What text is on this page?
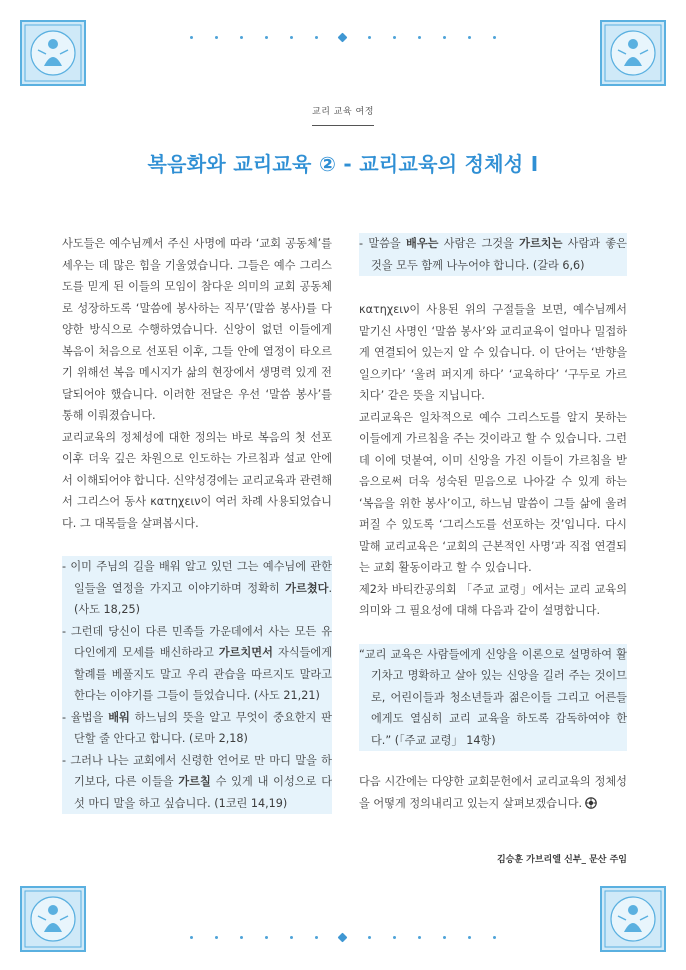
교리 교육 여정
복음화와 교리교육 ② - 교리교육의 정체성 Ⅰ

사도들은 예수님께서 주신 사명에 따라 ‘교회 공동체’를 세우는 데 많은 힘을 기울였습니다. 그들은 예수 그리스도를 믿게 된 이들의 모임이 참다운 의미의 교회 공동체로 성장하도록 ‘말씀에 봉사하는 직무’(말씀 봉사)를 다양한 방식으로 수행하였습니다. 신앙이 없던 이들에게 복음이 처음으로 선포된 이후, 그들 안에 열정이 타오르기 위해선 복음 메시지가 삶의 현장에서 생명력 있게 전달되어야 했습니다. 이러한 전달은 우선 ‘말씀 봉사’를 통해 이뤄졌습니다.

교리교육의 정체성에 대한 정의는 바로 복음의 첫 선포 이후 더욱 깊은 차원으로 인도하는 가르침과 설교 안에서 이해되어야 합니다. 신약성경에는 교리교육과 관련해서 그리스어 동사 κατηχειν이 여러 차례 사용되었습니다. 그 대목들을 살펴봅시다.

- 이미 주님의 길을 배워 알고 있던 그는 예수님에 관한 일들을 열정을 가지고 이야기하며 정확히 가르쳤다. (사도 18,25)
- 그런데 당신이 다른 민족들 가운데에서 사는 모든 유다인에게 모세를 배신하라고 가르치면서 자식들에게 할례를 베풀지도 말고 우리 관습을 따르지도 말라고 한다는 이야기를 그들이 들었습니다. (사도 21,21)
- 율법을 배워 하느님의 뜻을 알고 무엇이 중요한지 판단할 줄 안다고 합니다. (로마 2,18)
- 그러나 나는 교회에서 신령한 언어로 만 마디 말을 하기보다, 다른 이들을 가르칠 수 있게 내 이성으로 다섯 마디 말을 하고 싶습니다. (1코린 14,19)
- 말씀을 배우는 사람은 그것을 가르치는 사람과 좋은 것을 모두 함께 나누어야 합니다. (갈라 6,6)

κατηχειν이 사용된 위의 구절들을 보면, 예수님께서 맡기신 사명인 ‘말씀 봉사’와 교리교육이 얼마나 밀접하게 연결되어 있는지 알 수 있습니다. 이 단어는 ‘반향을 일으키다’ ‘울려 퍼지게 하다’ ‘교육하다’ ‘구두로 가르치다’ 같은 뜻을 지닙니다.

교리교육은 일차적으로 예수 그리스도를 알지 못하는 이들에게 가르침을 주는 것이라고 할 수 있습니다. 그런데 이에 덧붙여, 이미 신앙을 가진 이들이 가르침을 받음으로써 더욱 성숙된 믿음으로 나아갈 수 있게 하는 ‘복음을 위한 봉사’이고, 하느님 말씀이 그들 삶에 울려 퍼질 수 있도록 ‘그리스도를 선포하는 것’입니다. 다시 말해 교리교육은 ‘교회의 근본적인 사명’과 직접 연결되는 교회 활동이라고 할 수 있습니다.

제2차 바티칸공의회 「주교 교령」에서는 교리 교육의 의미와 그 필요성에 대해 다음과 같이 설명합니다.

“교리 교육은 사람들에게 신앙을 이론으로 설명하여 활기차고 명확하고 살아 있는 신앙을 길러 주는 것이므로, 어린이들과 청소년들과 젊은이들 그리고 어른들에게도 열심히 교리 교육을 하도록 감독하여야 한다.” (「주교 교령」 14항)

다음 시간에는 다양한 교회문헌에서 교리교육의 정체성을 어떻게 정의내리고 있는지 살펴보겠습니다.

김승훈 가브리엘 신부_ 문산 주임
